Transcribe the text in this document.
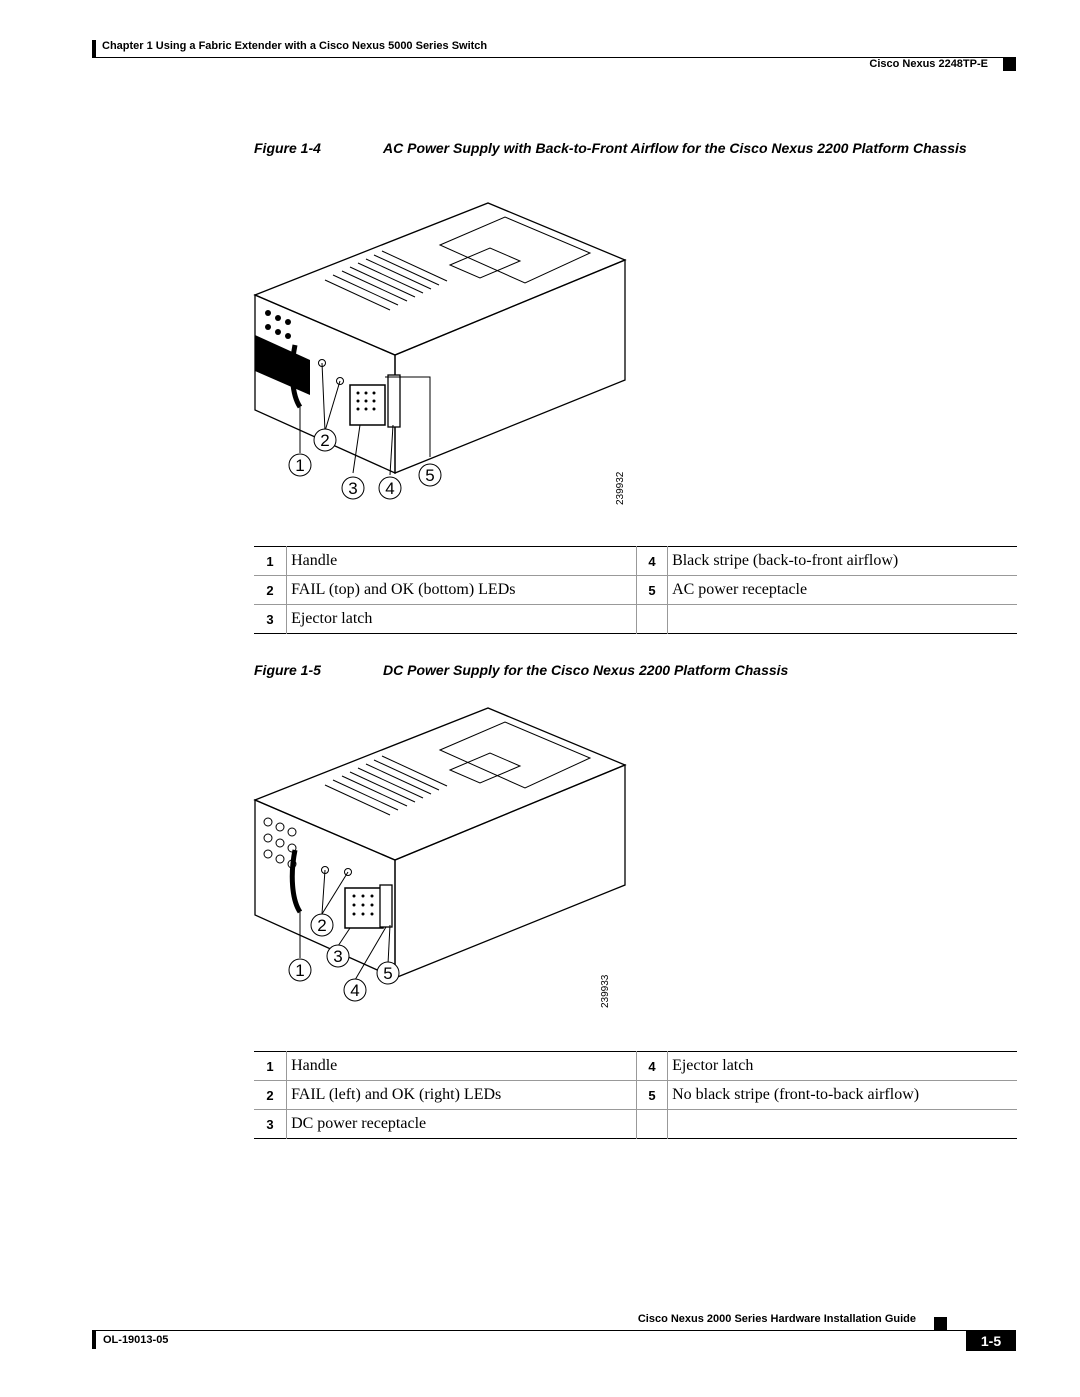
Chapter 1 Using a Fabric Extender with a Cisco Nexus 5000 Series Switch
Cisco Nexus 2248TP-E
Figure 1-4	AC Power Supply with Back-to-Front Airflow for the Cisco Nexus 2200 Platform Chassis
2
1
3 4
5	239932
1	Handle	4	Black stripe (back-to-front airflow)
2	FAIL (top) and OK (bottom) LEDs	5	AC power receptacle
3	Ejector latch		
Figure 1-5	DC Power Supply for the Cisco Nexus 2200 Platform Chassis
2
3
1
4
5
239933
1	Handle	4	Ejector latch
2	FAIL (left) and OK (right) LEDs	5	No black stripe (front-to-back airflow)
3	DC power receptacle		
Cisco Nexus 2000 Series Hardware Installation Guide
OL-19013-05	1-5
